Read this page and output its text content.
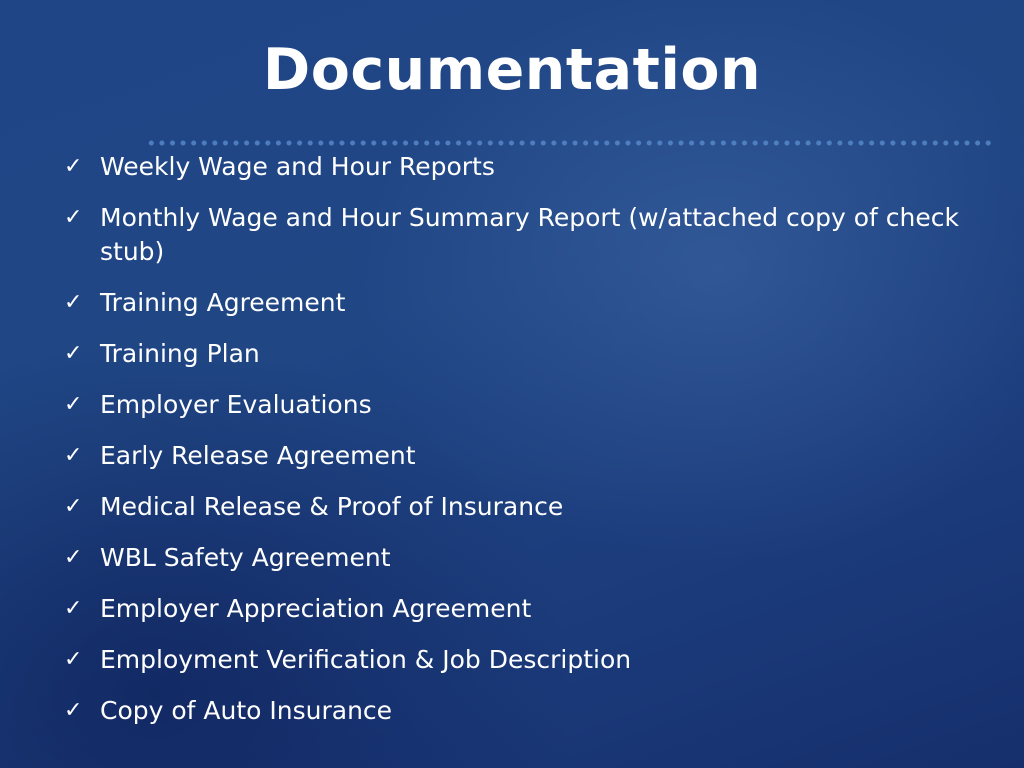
Documentation
✓ Weekly Wage and Hour Reports
✓ Monthly Wage and Hour Summary Report (w/attached copy of check stub)
✓ Training Agreement
✓ Training Plan
✓ Employer Evaluations
✓ Early Release Agreement
✓ Medical Release & Proof of Insurance
✓ WBL Safety Agreement
✓ Employer Appreciation Agreement
✓ Employment Verification & Job Description
✓ Copy of Auto Insurance
